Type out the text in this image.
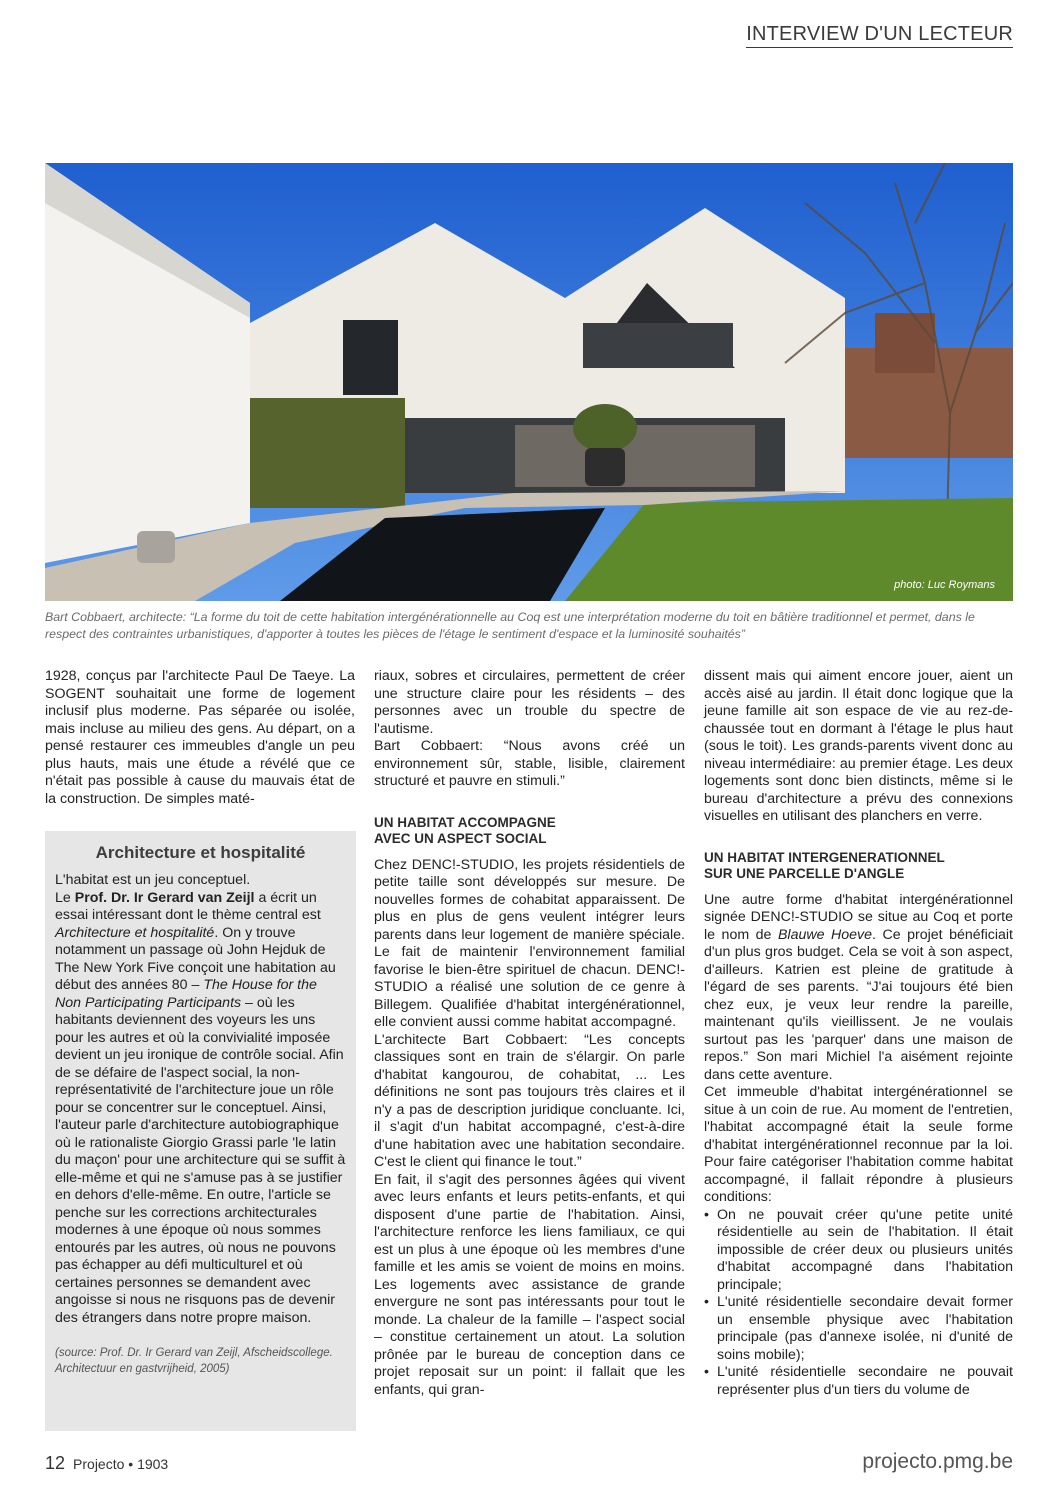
INTERVIEW D'UN LECTEUR
photo: Luc Roymans

Bart Cobbaert, architecte: “La forme du toit de cette habitation intergénérationnelle au Coq est une interprétation moderne du toit en bâtière traditionnel et permet, dans le respect des contraintes urbanistiques, d'apporter à toutes les pièces de l'étage le sentiment d'espace et la luminosité souhaités”

1928, conçus par l'architecte Paul De Taeye. La SOGENT souhaitait une forme de logement inclusif plus moderne. Pas séparée ou isolée, mais incluse au milieu des gens. Au départ, on a pensé restaurer ces immeubles d'angle un peu plus hauts, mais une étude a révélé que ce n'était pas possible à cause du mauvais état de la construction. De simples maté-

Architecture et hospitalité

L'habitat est un jeu conceptuel.
Le Prof. Dr. Ir Gerard van Zeijl a écrit un essai intéressant dont le thème central est Architecture et hospitalité. On y trouve notamment un passage où John Hejduk de The New York Five conçoit une habitation au début des années 80 – The House for the Non Participating Participants – où les habitants deviennent des voyeurs les uns pour les autres et où la convivialité imposée devient un jeu ironique de contrôle social. Afin de se défaire de l'aspect social, la non-représentativité de l'architecture joue un rôle pour se concentrer sur le conceptuel. Ainsi, l'auteur parle d'architecture autobiographique où le rationaliste Giorgio Grassi parle 'le latin du maçon' pour une architecture qui se suffit à elle-même et qui ne s'amuse pas à se justifier en dehors d'elle-même. En outre, l'article se penche sur les corrections architecturales modernes à une époque où nous sommes entourés par les autres, où nous ne pouvons pas échapper au défi multiculturel et où certaines personnes se demandent avec angoisse si nous ne risquons pas de devenir des étrangers dans notre propre maison.

(source: Prof. Dr. Ir Gerard van Zeijl, Afscheidscollege. Architectuur en gastvrijheid, 2005)

riaux, sobres et circulaires, permettent de créer une structure claire pour les résidents – des personnes avec un trouble du spectre de l'autisme.

Bart Cobbaert: “Nous avons créé un environnement sûr, stable, lisible, clairement structuré et pauvre en stimuli.”

UN HABITAT ACCOMPAGNE
AVEC UN ASPECT SOCIAL

Chez DENC!-STUDIO, les projets résidentiels de petite taille sont développés sur mesure. De nouvelles formes de cohabitat apparaissent. De plus en plus de gens veulent intégrer leurs parents dans leur logement de manière spéciale. Le fait de maintenir l'environnement familial favorise le bien-être spirituel de chacun. DENC!-STUDIO a réalisé une solution de ce genre à Billegem. Qualifiée d'habitat intergénérationnel, elle convient aussi comme habitat accompagné.

L'architecte Bart Cobbaert: “Les concepts classiques sont en train de s'élargir. On parle d'habitat kangourou, de cohabitat, ... Les définitions ne sont pas toujours très claires et il n'y a pas de description juridique concluante. Ici, il s'agit d'un habitat accompagné, c'est-à-dire d'une habitation avec une habitation secondaire. C'est le client qui finance le tout.”

En fait, il s'agit des personnes âgées qui vivent avec leurs enfants et leurs petits-enfants, et qui disposent d'une partie de l'habitation. Ainsi, l'architecture renforce les liens familiaux, ce qui est un plus à une époque où les membres d'une famille et les amis se voient de moins en moins. Les logements avec assistance de grande envergure ne sont pas intéressants pour tout le monde. La chaleur de la famille – l'aspect social – constitue certainement un atout. La solution prônée par le bureau de conception dans ce projet reposait sur un point: il fallait que les enfants, qui gran-

dissent mais qui aiment encore jouer, aient un accès aisé au jardin. Il était donc logique que la jeune famille ait son espace de vie au rez-de-chaussée tout en dormant à l'étage le plus haut (sous le toit). Les grands-parents vivent donc au niveau intermédiaire: au premier étage. Les deux logements sont donc bien distincts, même si le bureau d'architecture a prévu des connexions visuelles en utilisant des planchers en verre.

UN HABITAT INTERGENERATIONNEL
SUR UNE PARCELLE D'ANGLE

Une autre forme d'habitat intergénérationnel signée DENC!-STUDIO se situe au Coq et porte le nom de Blauwe Hoeve. Ce projet bénéficiait d'un plus gros budget. Cela se voit à son aspect, d'ailleurs. Katrien est pleine de gratitude à l'égard de ses parents. “J'ai toujours été bien chez eux, je veux leur rendre la pareille, maintenant qu'ils vieillissent. Je ne voulais surtout pas les 'parquer' dans une maison de repos.” Son mari Michiel l'a aisément rejointe dans cette aventure.

Cet immeuble d'habitat intergénérationnel se situe à un coin de rue. Au moment de l'entretien, l'habitat accompagné était la seule forme d'habitat intergénérationnel reconnue par la loi. Pour faire catégoriser l'habitation comme habitat accompagné, il fallait répondre à plusieurs conditions:

• On ne pouvait créer qu'une petite unité résidentielle au sein de l'habitation. Il était impossible de créer deux ou plusieurs unités d'habitat accompagné dans l'habitation principale;
• L'unité résidentielle secondaire devait former un ensemble physique avec l'habitation principale (pas d'annexe isolée, ni d'unité de soins mobile);
• L'unité résidentielle secondaire ne pouvait représenter plus d'un tiers du volume de
12 Projecto • 1903	projecto.pmg.be
